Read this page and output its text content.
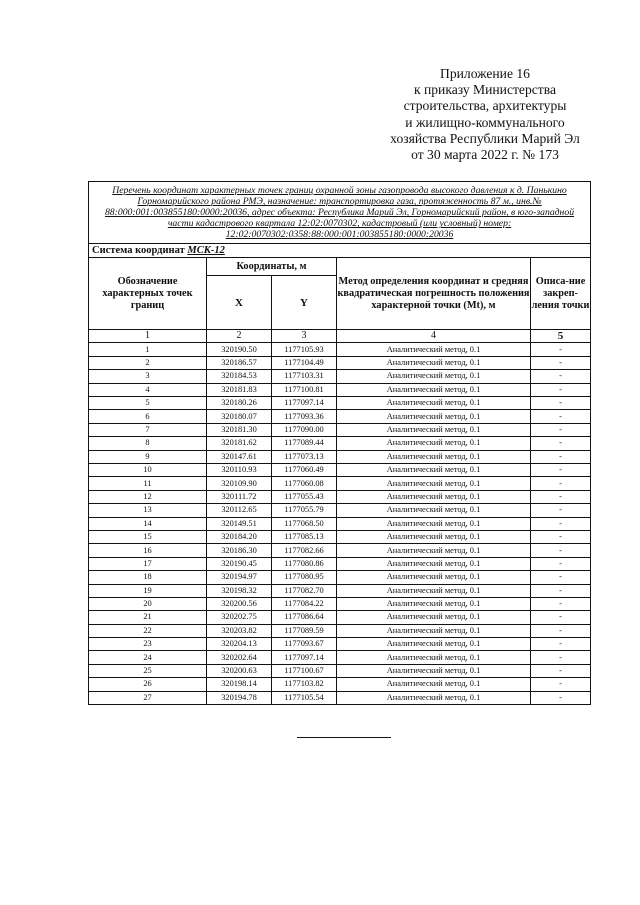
Приложение 16
к приказу Министерства
строительства, архитектуры
и жилищно-коммунального
хозяйства Республики Марий Эл
от 30 марта 2022 г. № 173
Перечень координат характерных точек границ охранной зоны газопровода высокого давления к д. Панькино Горномарийского района РМЭ, назначение: транспортировка газа, протяженность 87 м., инв.№ 88:000:001:003855180:0000:20036, адрес объекта: Республика Марий Эл, Горномарийский район, в юго-западной части кадастрового квартала 12:02:0070302, кадастровый (или условный) номер: 12:02:0070302:0358:88:000:001:003855180:0000:20036				
Система координат МСК-12				
Обозначение характерных точек границ	Координаты, м		Метод определения координат и средняя квадратическая погрешность положения характерной точки (Mt), м	Описа-ние закреп-ления точки
	X	Y		
1	2	3	4	5
1	320190.50	1177105.93	Аналитический метод, 0.1	-
2	320186.57	1177104.49	Аналитический метод, 0.1	-
3	320184.53	1177103.31	Аналитический метод, 0.1	-
4	320181.83	1177100.81	Аналитический метод, 0.1	-
5	320180.26	1177097.14	Аналитический метод, 0.1	-
6	320180.07	1177093.36	Аналитический метод, 0.1	-
7	320181.30	1177090.00	Аналитический метод, 0.1	-
8	320181.62	1177089.44	Аналитический метод, 0.1	-
9	320147.61	1177073.13	Аналитический метод, 0.1	-
10	320110.93	1177060.49	Аналитический метод, 0.1	-
11	320109.90	1177060.08	Аналитический метод, 0.1	-
12	320111.72	1177055.43	Аналитический метод, 0.1	-
13	320112.65	1177055.79	Аналитический метод, 0.1	-
14	320149.51	1177068.50	Аналитический метод, 0.1	-
15	320184.20	1177085.13	Аналитический метод, 0.1	-
16	320186.30	1177082.66	Аналитический метод, 0.1	-
17	320190.45	1177080.86	Аналитический метод, 0.1	-
18	320194.97	1177080.95	Аналитический метод, 0.1	-
19	320198.32	1177082.70	Аналитический метод, 0.1	-
20	320200.56	1177084.22	Аналитический метод, 0.1	-
21	320202.75	1177086.64	Аналитический метод, 0.1	-
22	320203.82	1177089.59	Аналитический метод, 0.1	-
23	320204.13	1177093.67	Аналитический метод, 0.1	-
24	320202.64	1177097.14	Аналитический метод, 0.1	-
25	320200.63	1177100.67	Аналитический метод, 0.1	-
26	320198.14	1177103.82	Аналитический метод, 0.1	-
27	320194.78	1177105.54	Аналитический метод, 0.1	-
